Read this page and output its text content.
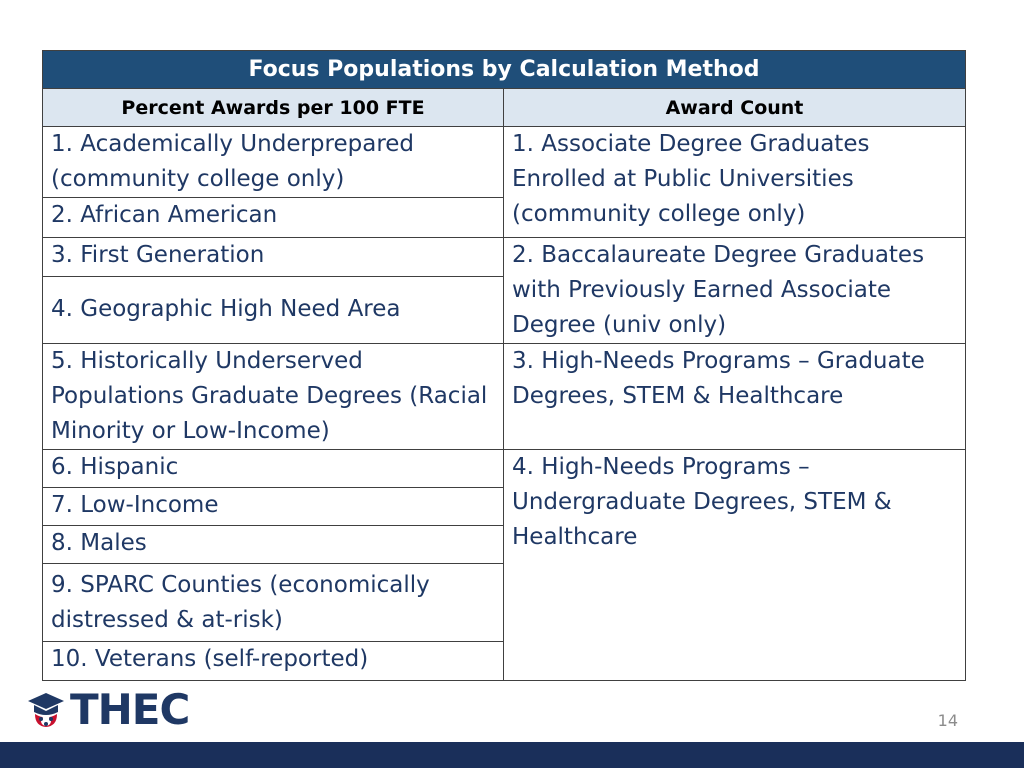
Focus Populations by Calculation Method	
Percent Awards per 100 FTE	Award Count
1. Academically Underprepared (community college only)	1. Associate Degree Graduates Enrolled at Public Universities (community college only)
2. African American	
3. First Generation	2. Baccalaureate Degree Graduates with Previously Earned Associate Degree (univ only)
4. Geographic High Need Area	
5. Historically Underserved Populations Graduate Degrees (Racial Minority or Low-Income)	3. High-Needs Programs – Graduate Degrees, STEM & Healthcare
6. Hispanic	4. High-Needs Programs – Undergraduate Degrees, STEM & Healthcare
7. Low-Income	
8. Males	
9. SPARC Counties (economically distressed & at-risk)	
10. Veterans (self-reported)	
THEC	14
